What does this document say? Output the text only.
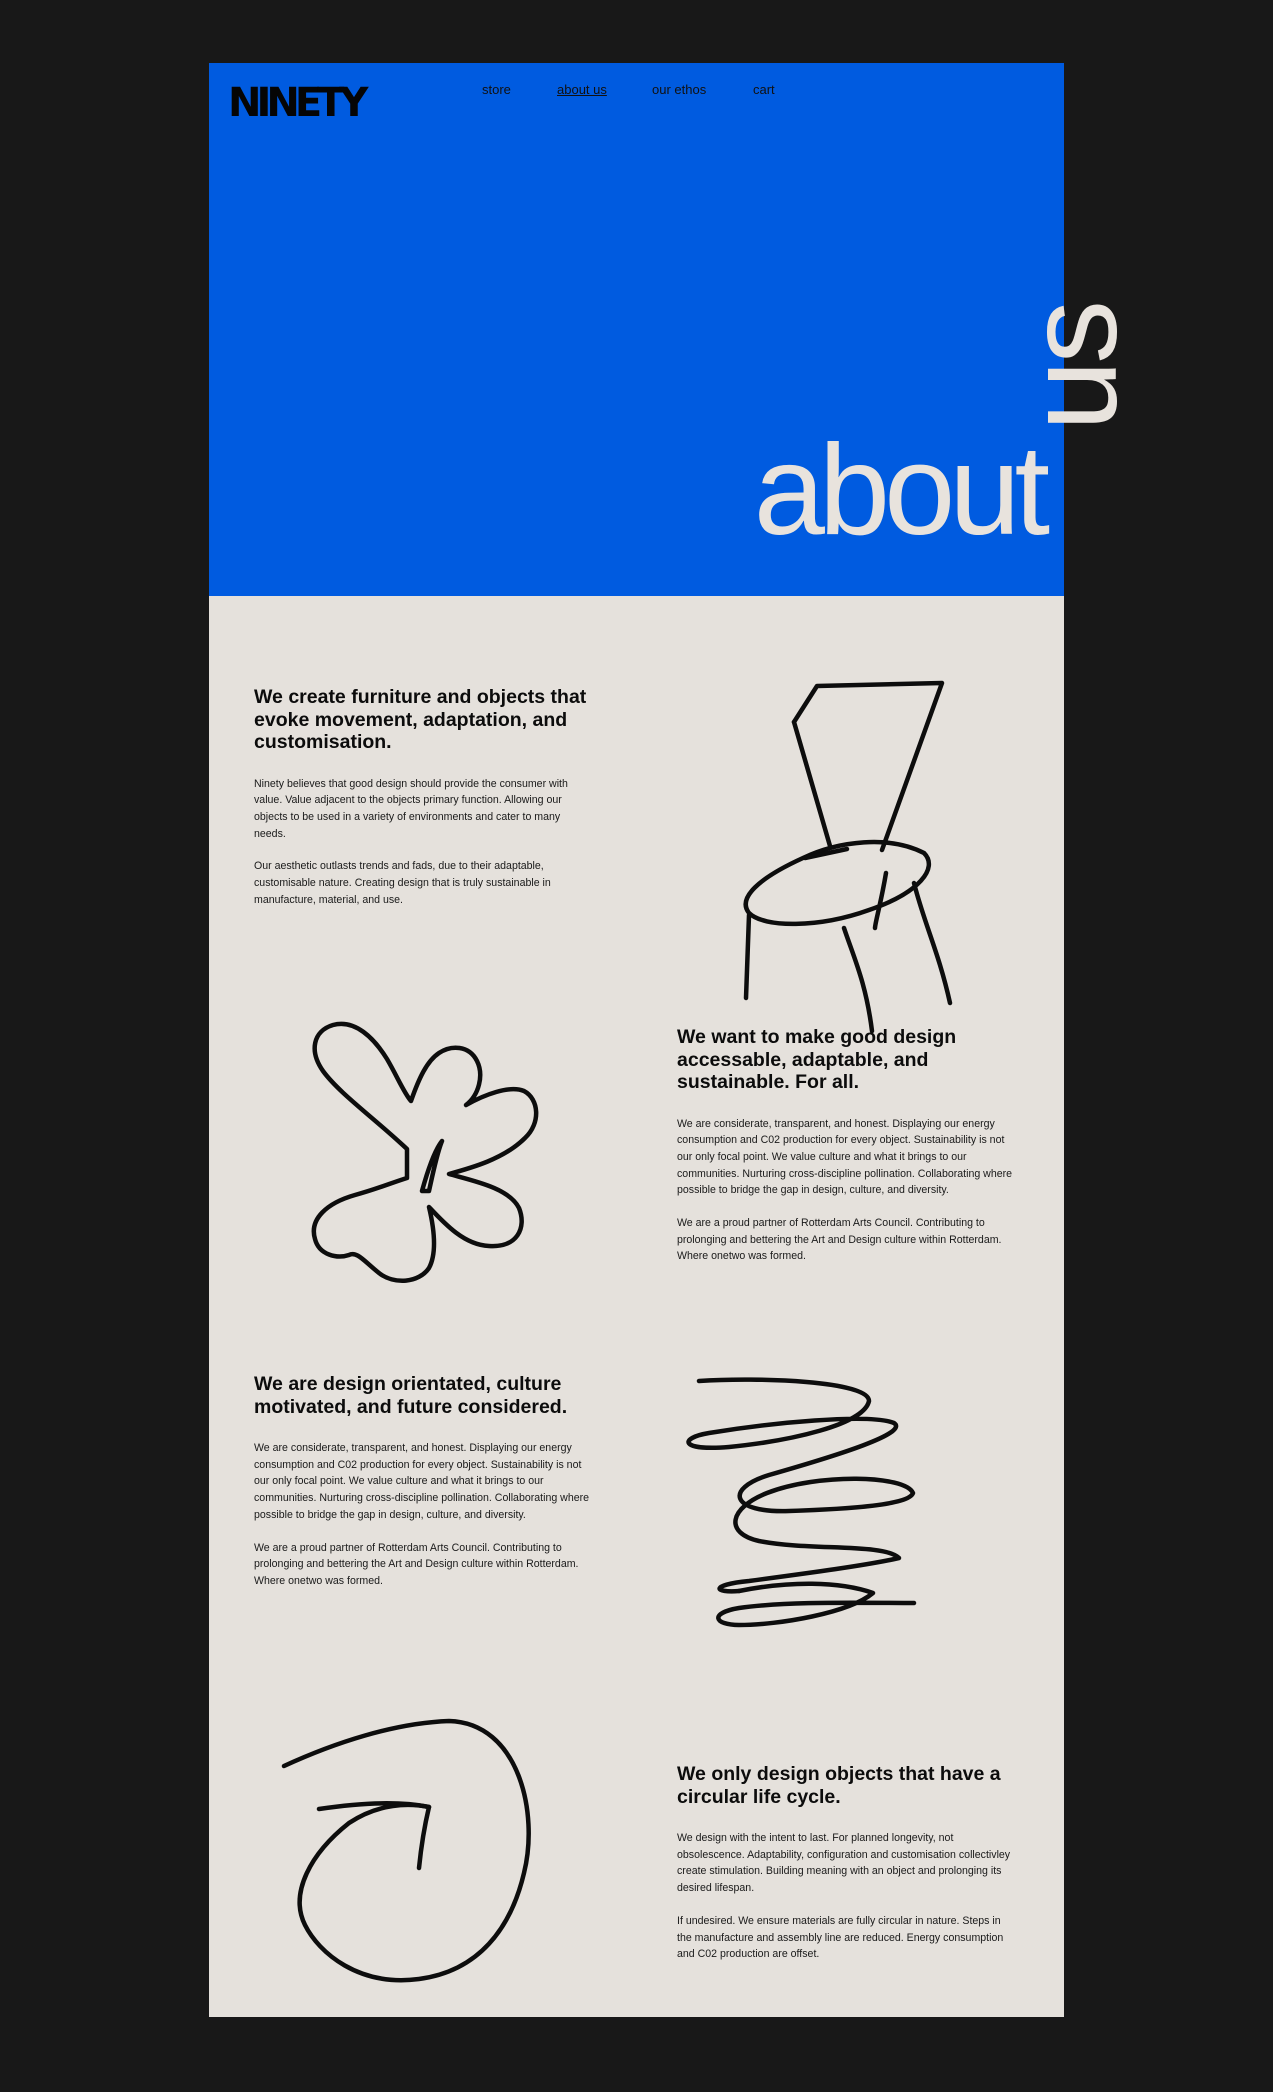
NINETY	store	about us	our ethos	cart
about
us
We create furniture and objects that evoke movement, adaptation, and customisation.

Ninety believes that good design should provide the consumer with value. Value adjacent to the objects primary function. Allowing our objects to be used in a variety of environments and cater to many needs.

Our aesthetic outlasts trends and fads, due to their adaptable, customisable nature. Creating design that is truly sustainable in manufacture, material, and use.

We want to make good design accessable, adaptable, and sustainable. For all.

We are considerate, transparent, and honest. Displaying our energy consumption and C02 production for every object. Sustainability is not our only focal point. We value culture and what it brings to our communities. Nurturing cross-discipline pollination. Collaborating where possible to bridge the gap in design, culture, and diversity.

We are a proud partner of Rotterdam Arts Council. Contributing to prolonging and bettering the Art and Design culture within Rotterdam. Where onetwo was formed.

We are design orientated, culture motivated, and future considered.

We are considerate, transparent, and honest. Displaying our energy consumption and C02 production for every object. Sustainability is not our only focal point. We value culture and what it brings to our communities. Nurturing cross-discipline pollination. Collaborating where possible to bridge the gap in design, culture, and diversity.

We are a proud partner of Rotterdam Arts Council. Contributing to prolonging and bettering the Art and Design culture within Rotterdam. Where onetwo was formed.

We only design objects that have a circular life cycle.

We design with the intent to last. For planned longevity, not obsolescence. Adaptability, configuration and customisation collectivley create stimulation. Building meaning with an object and prolonging its desired lifespan.

If undesired. We ensure materials are fully circular in nature. Steps in the manufacture and assembly line are reduced. Energy consumption and C02 production are offset.
